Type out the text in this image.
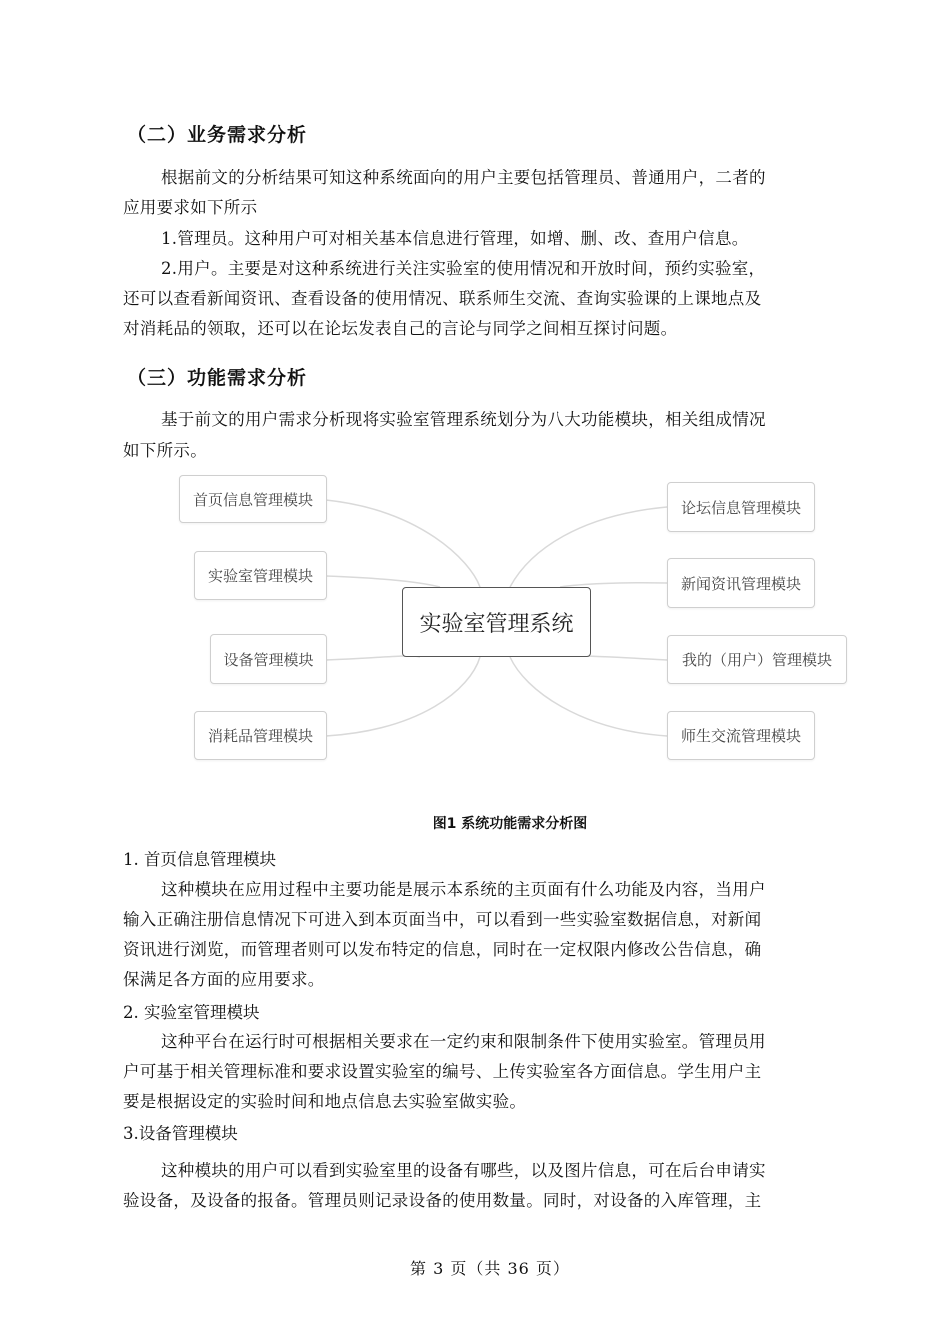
（二）业务需求分析
根据前文的分析结果可知这种系统面向的用户主要包括管理员、普通用户，二者的
应用要求如下所示
1.管理员。这种用户可对相关基本信息进行管理，如增、删、改、查用户信息。
2.用户。主要是对这种系统进行关注实验室的使用情况和开放时间，预约实验室，
还可以查看新闻资讯、查看设备的使用情况、联系师生交流、查询实验课的上课地点及
对消耗品的领取，还可以在论坛发表自己的言论与同学之间相互探讨问题。
（三）功能需求分析
基于前文的用户需求分析现将实验室管理系统划分为八大功能模块，相关组成情况
如下所示。
首页信息管理模块
实验室管理模块
设备管理模块
消耗品管理模块
实验室管理系统
论坛信息管理模块
新闻资讯管理模块
我的（用户）管理模块
师生交流管理模块
图1 系统功能需求分析图
1. 首页信息管理模块
这种模块在应用过程中主要功能是展示本系统的主页面有什么功能及内容，当用户
输入正确注册信息情况下可进入到本页面当中，可以看到一些实验室数据信息，对新闻
资讯进行浏览，而管理者则可以发布特定的信息，同时在一定权限内修改公告信息，确
保满足各方面的应用要求。
2. 实验室管理模块
这种平台在运行时可根据相关要求在一定约束和限制条件下使用实验室。管理员用
户可基于相关管理标准和要求设置实验室的编号、上传实验室各方面信息。学生用户主
要是根据设定的实验时间和地点信息去实验室做实验。
3.设备管理模块
这种模块的用户可以看到实验室里的设备有哪些，以及图片信息，可在后台申请实
验设备，及设备的报备。管理员则记录设备的使用数量。同时，对设备的入库管理，主
第 3 页（共 36 页）
